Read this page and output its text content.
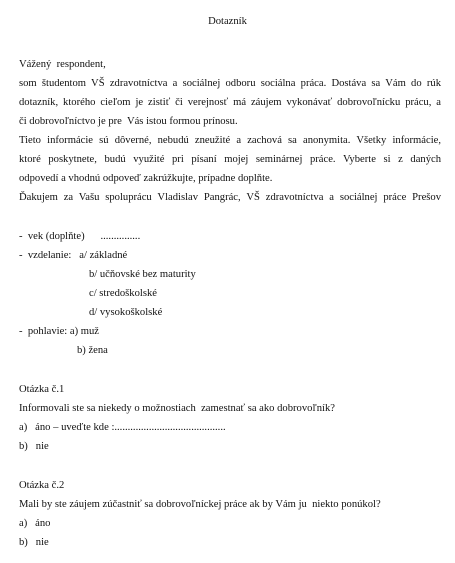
Dotazník
Vážený  respondent,
som študentom VŠ zdravotníctva a sociálnej odboru sociálna práca. Dostáva sa Vám do rúk
dotazník, ktorého cieľom je zistiť či verejnosť má záujem vykonávať dobrovoľnícku prácu, a
či dobrovoľníctvo je pre  Vás istou formou prínosu.
Tieto informácie sú dôverné, nebudú zneužité a zachová sa anonymita. Všetky informácie,
ktoré poskytnete, budú využité pri písaní mojej seminárnej práce. Vyberte si z daných
odpovedí a vhodnú odpoveď zakrúžkujte, prípadne doplňte.
Ďakujem za Vašu spoluprácu Vladislav Pangrác, VŠ zdravotníctva a sociálnej práce Prešov
-  vek (doplňte)      ...............
-  vzdelanie:   a/ základné
b/ učňovské bez maturity
c/ stredoškolské
d/ vysokoškolské
-  pohlavie: a) muž
b) žena
Otázka č.1
Informovali ste sa niekedy o možnostiach  zamestnať sa ako dobrovoľník?
a)   áno – uveďte kde :..........................................
b)   nie
Otázka č.2
Mali by ste záujem zúčastniť sa dobrovoľníckej práce ak by Vám ju  niekto ponúkol?
a)   áno
b)   nie
